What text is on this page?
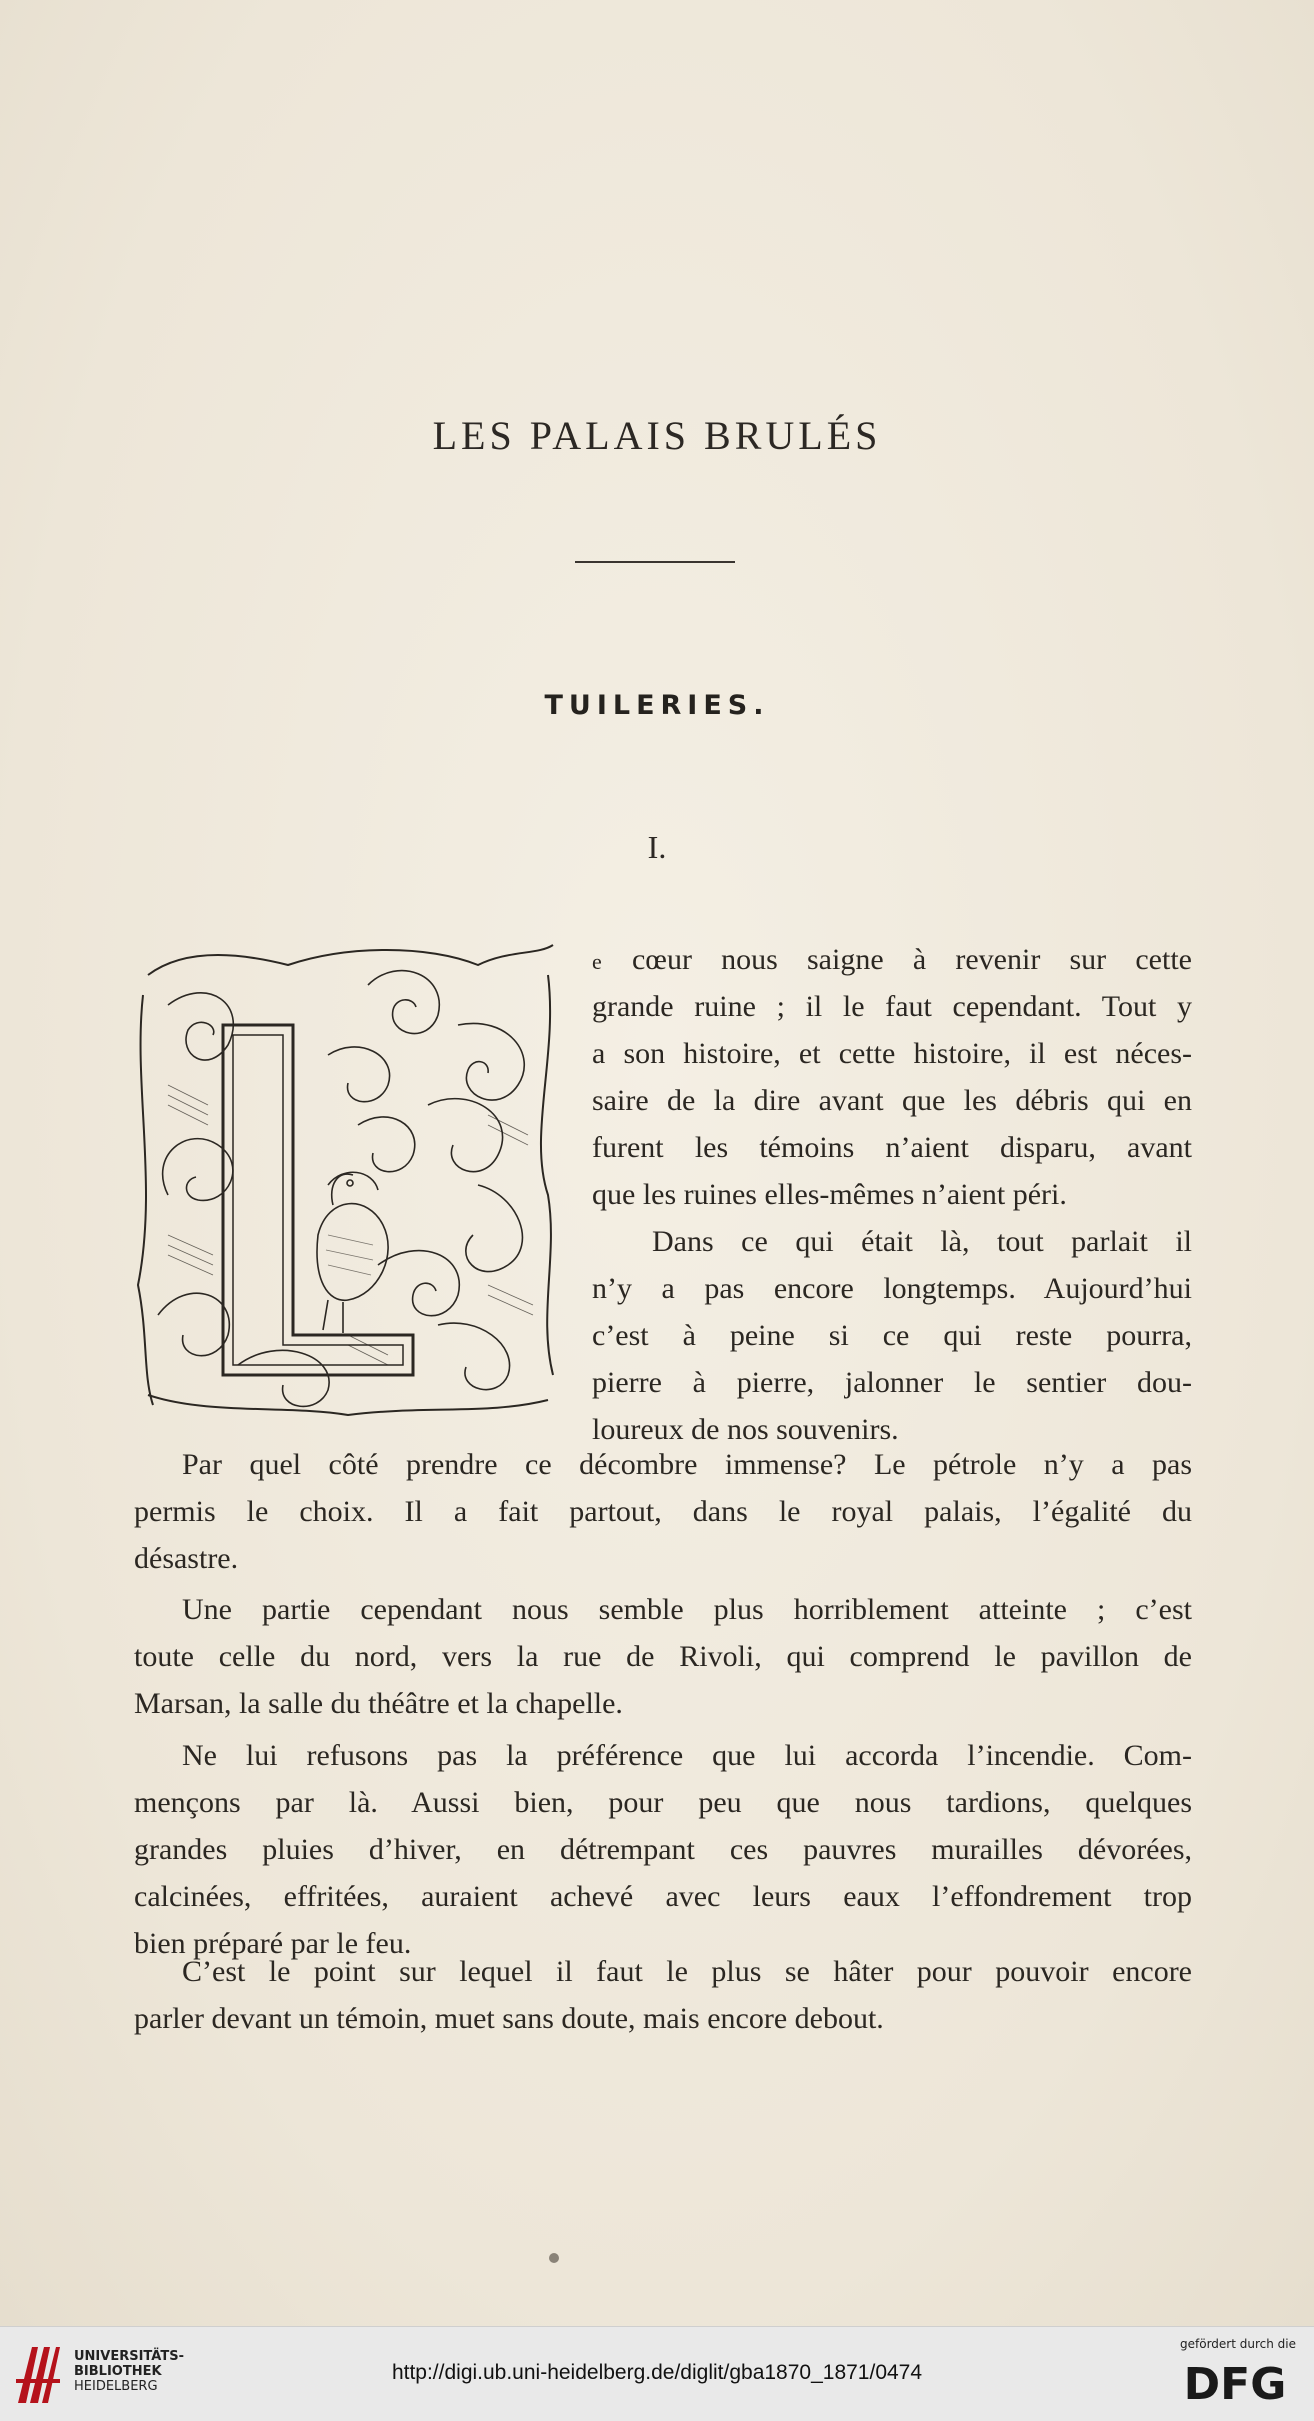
LES PALAIS BRULÉS
TUILERIES.
I.
e cœur nous saigne à revenir sur cette
grande ruine ; il le faut cependant. Tout y
a son histoire, et cette histoire, il est néces-
saire de la dire avant que les débris qui en
furent les témoins n’aient disparu, avant
que les ruines elles-mêmes n’aient péri.
Dans ce qui était là, tout parlait il
n’y a pas encore longtemps. Aujourd’hui
c’est à peine si ce qui reste pourra,
pierre à pierre, jalonner le sentier dou-
loureux de nos souvenirs.
Par quel côté prendre ce décombre immense? Le pétrole n’y a pas
permis le choix. Il a fait partout, dans le royal palais, l’égalité du
désastre.
Une partie cependant nous semble plus horriblement atteinte ; c’est
toute celle du nord, vers la rue de Rivoli, qui comprend le pavillon de
Marsan, la salle du théâtre et la chapelle.
Ne lui refusons pas la préférence que lui accorda l’incendie. Com-
mençons par là. Aussi bien, pour peu que nous tardions, quelques
grandes pluies d’hiver, en détrempant ces pauvres murailles dévorées,
calcinées, effritées, auraient achevé avec leurs eaux l’effondrement trop
bien préparé par le feu.
C’est le point sur lequel il faut le plus se hâter pour pouvoir encore
parler devant un témoin, muet sans doute, mais encore debout.
UNIVERSITÄTS-
BIBLIOTHEK
HEIDELBERG
http://digi.ub.uni-heidelberg.de/diglit/gba1870_1871/0474
gefördert durch die
DFG
